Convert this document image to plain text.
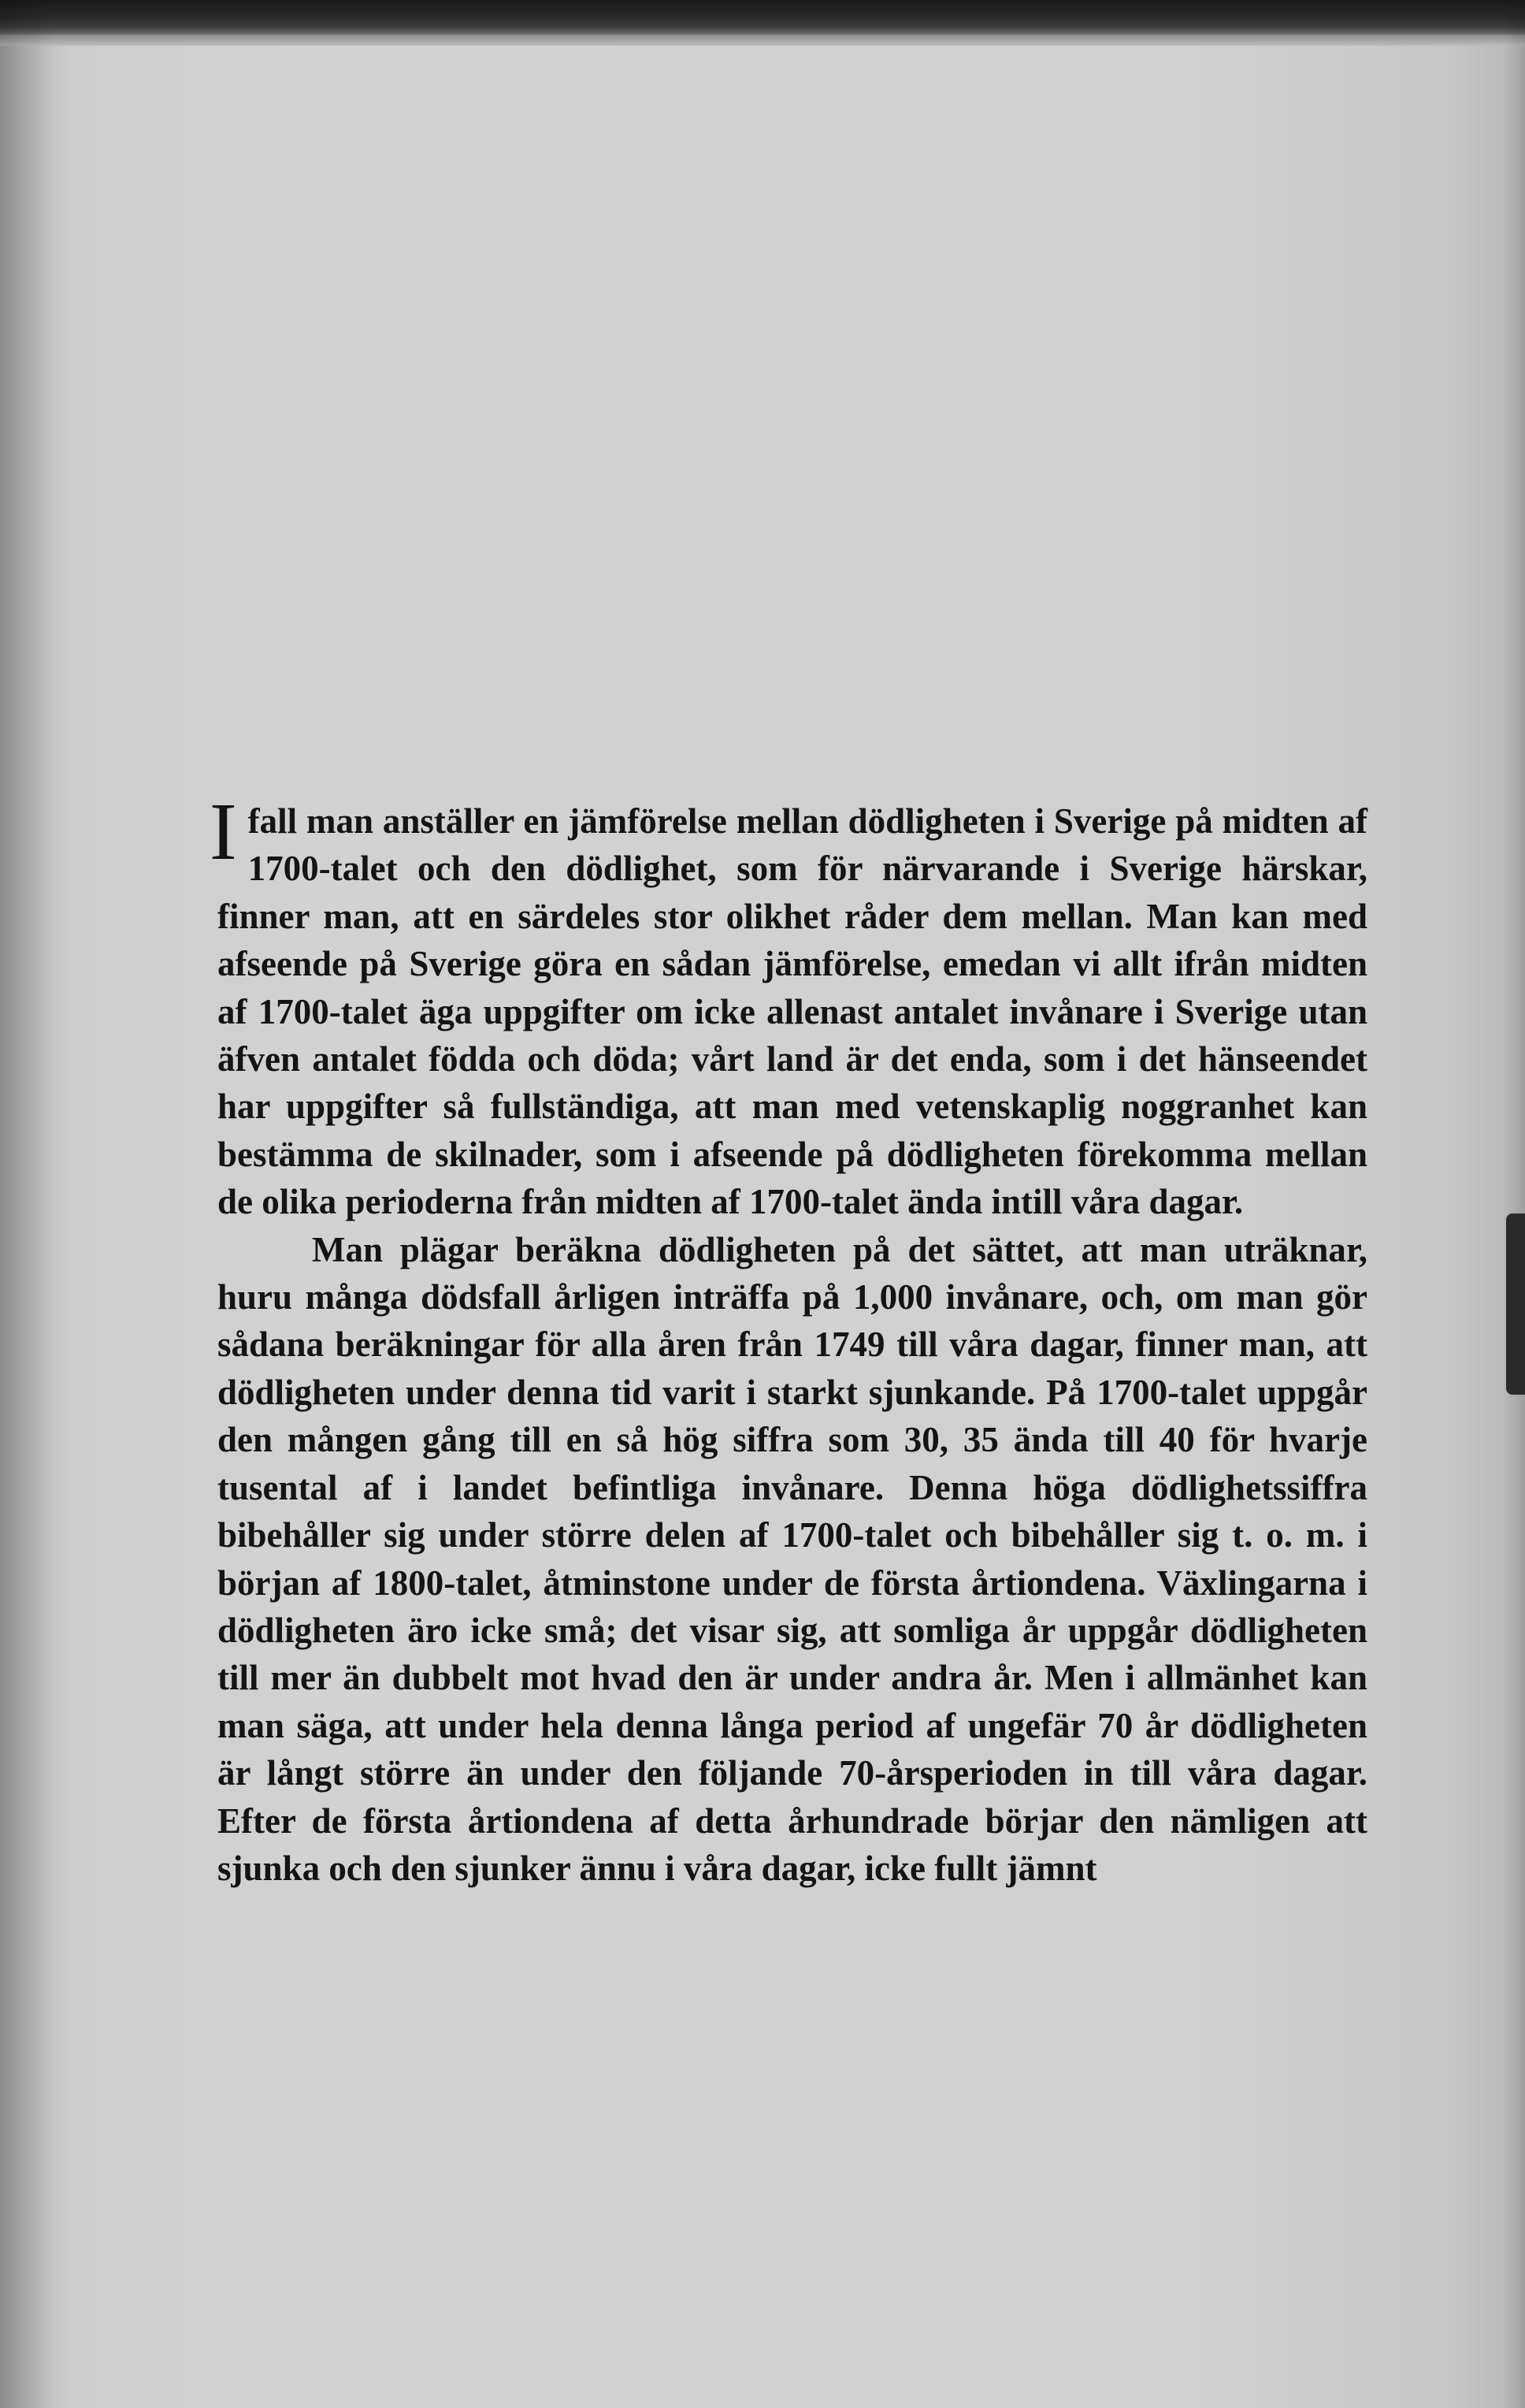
I fall man anställer en jämförelse mellan dödligheten i Sverige på midten af 1700-talet och den dödlighet, som för närvarande i Sverige härskar, finner man, att en särdeles stor olikhet råder dem mellan. Man kan med afseende på Sverige göra en sådan jämförelse, emedan vi allt ifrån midten af 1700-talet äga uppgifter om icke allenast antalet invånare i Sverige utan äfven antalet födda och döda; vårt land är det enda, som i det hänseendet har uppgifter så fullständiga, att man med vetenskaplig noggranhet kan bestämma de skilnader, som i afseende på dödligheten förekomma mellan de olika perioderna från midten af 1700-talet ända intill våra dagar.

Man plägar beräkna dödligheten på det sättet, att man uträknar, huru många dödsfall årligen inträffa på 1,000 invånare, och, om man gör sådana beräkningar för alla åren från 1749 till våra dagar, finner man, att dödligheten under denna tid varit i starkt sjunkande. På 1700-talet uppgår den mången gång till en så hög siffra som 30, 35 ända till 40 för hvarje tusental af i landet befintliga invånare. Denna höga dödlighetssiffra bibehåller sig under större delen af 1700-talet och bibehåller sig t. o. m. i början af 1800-talet, åtminstone under de första årtiondena. Växlingarna i dödligheten äro icke små; det visar sig, att somliga år uppgår dödligheten till mer än dubbelt mot hvad den är under andra år. Men i allmänhet kan man säga, att under hela denna långa period af ungefär 70 år dödligheten är långt större än under den följande 70-årsperioden in till våra dagar. Efter de första årtiondena af detta århundrade börjar den nämligen att sjunka och den sjunker ännu i våra dagar, icke fullt jämnt
